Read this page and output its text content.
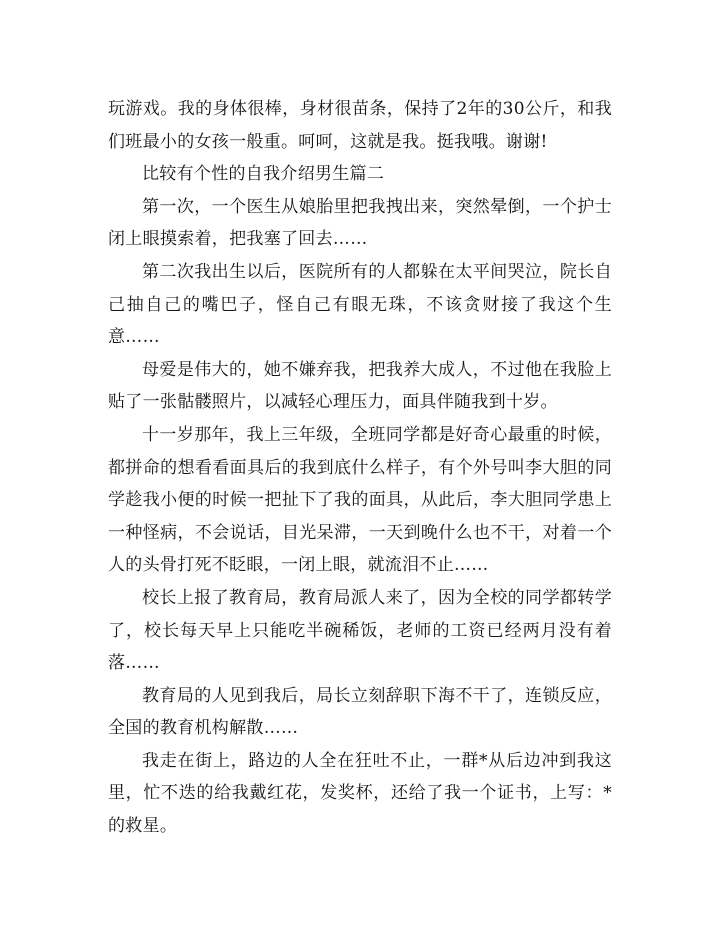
玩游戏。我的身体很棒，身材很苗条，保持了2年的30公斤，和我们班最小的女孩一般重。呵呵，这就是我。挺我哦。谢谢!

比较有个性的自我介绍男生篇二

第一次，一个医生从娘胎里把我拽出来，突然晕倒，一个护士闭上眼摸索着，把我塞了回去……

第二次我出生以后，医院所有的人都躲在太平间哭泣，院长自己抽自己的嘴巴子，怪自己有眼无珠，不该贪财接了我这个生意……

母爱是伟大的，她不嫌弃我，把我养大成人，不过他在我脸上贴了一张骷髅照片，以减轻心理压力，面具伴随我到十岁。

十一岁那年，我上三年级，全班同学都是好奇心最重的时候，都拼命的想看看面具后的我到底什么样子，有个外号叫李大胆的同学趁我小便的时候一把扯下了我的面具，从此后，李大胆同学患上一种怪病，不会说话，目光呆滞，一天到晚什么也不干，对着一个人的头骨打死不眨眼，一闭上眼，就流泪不止……

校长上报了教育局，教育局派人来了，因为全校的同学都转学了，校长每天早上只能吃半碗稀饭，老师的工资已经两月没有着落……

教育局的人见到我后，局长立刻辞职下海不干了，连锁反应，全国的教育机构解散……

我走在街上，路边的人全在狂吐不止，一群*从后边冲到我这里，忙不迭的给我戴红花，发奖杯，还给了我一个证书，上写：*的救星。
